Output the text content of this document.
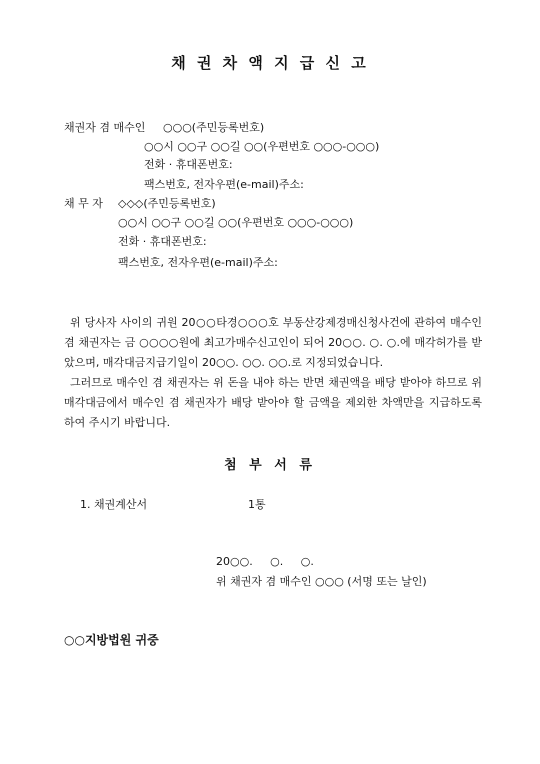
채 권 차 액 지 급 신 고
채권자 겸 매수인 ○○○(주민등록번호)
○○시 ○○구 ○○길 ○○(우편번호 ○○○-○○○)
전화 · 휴대폰번호:
팩스번호, 전자우편(e-mail)주소:
채 무 자 ◇◇◇(주민등록번호)
○○시 ○○구 ○○길 ○○(우편번호 ○○○-○○○)
전화 · 휴대폰번호:
팩스번호, 전자우편(e-mail)주소:

위 당사자 사이의 귀원 20○○타경○○○호 부동산강제경매신청사건에 관하여 매수인 겸 채권자는 금 ○○○○원에 최고가매수신고인이 되어 20○○. ○. ○.에 매각허가를 받았으며, 매각대금지급기일이 20○○. ○○. ○○.로 지정되었습니다.

그러므로 매수인 겸 채권자는 위 돈을 내야 하는 반면 채권액을 배당 받아야 하므로 위 매각대금에서 매수인 겸 채권자가 배당 받아야 할 금액을 제외한 차액만을 지급하도록 하여 주시기 바랍니다.

첨 부 서 류
1. 채권계산서	1통
20○○. ○. ○.
위 채권자 겸 매수인 ○○○ (서명 또는 날인)
○○지방법원 귀중
